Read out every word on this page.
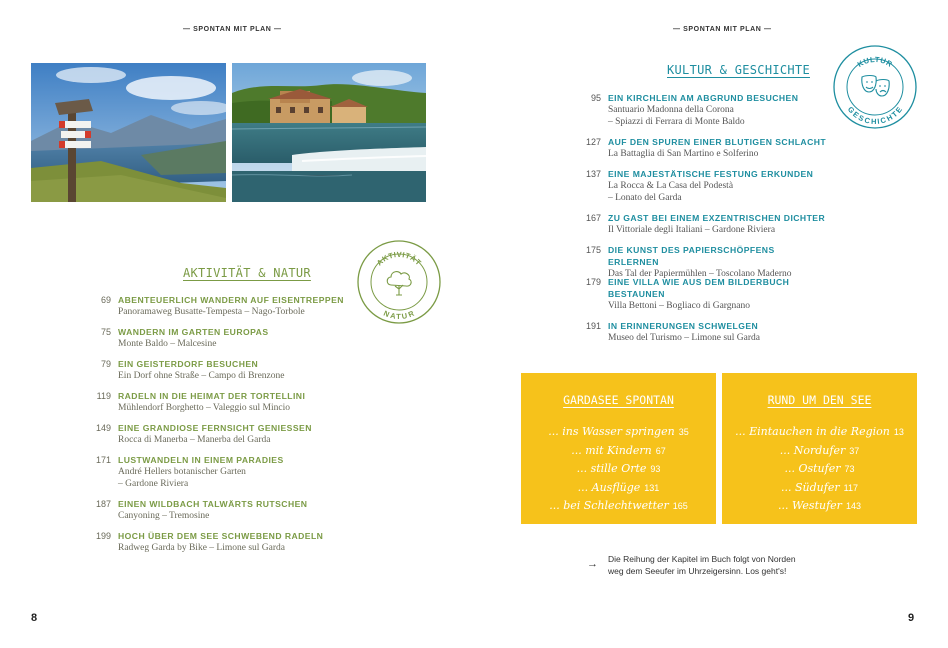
— SPONTAN MIT PLAN —
AKTIVITÄT
NATUR
AKTIVITÄT & NATUR
69 ABENTEUERLICH WANDERN AUF EISENTREPPEN
Panoramaweg Busatte-Tempesta – Nago-Torbole
75 WANDERN IM GARTEN EUROPAS
Monte Baldo – Malcesine
79 EIN GEISTERDORF BESUCHEN
Ein Dorf ohne Straße – Campo di Brenzone
119 RADELN IN DIE HEIMAT DER TORTELLINI
Mühlendorf Borghetto – Valeggio sul Mincio
149 EINE GRANDIOSE FERNSICHT GENIESSEN
Rocca di Manerba – Manerba del Garda
171 LUSTWANDELN IN EINEM PARADIES
André Hellers botanischer Garten
– Gardone Riviera
187 EINEN WILDBACH TALWÄRTS RUTSCHEN
Canyoning – Tremosine
199 HOCH ÜBER DEM SEE SCHWEBEND RADELN
Radweg Garda by Bike – Limone sul Garda
8
— SPONTAN MIT PLAN —
KULTUR & GESCHICHTE	KULTUR
GESCHICHTE
95 EIN KIRCHLEIN AM ABGRUND BESUCHEN
Santuario Madonna della Corona
– Spiazzi di Ferrara di Monte Baldo
127 AUF DEN SPUREN EINER BLUTIGEN SCHLACHT
La Battaglia di San Martino e Solferino
137 EINE MAJESTÄTISCHE FESTUNG ERKUNDEN
La Rocca & La Casa del Podestà
– Lonato del Garda
167 ZU GAST BEI EINEM EXZENTRISCHEN DICHTER
Il Vittoriale degli Italiani – Gardone Riviera
175 DIE KUNST DES PAPIERSCHÖPFENS ERLERNEN
Das Tal der Papiermühlen – Toscolano Maderno
179 EINE VILLA WIE AUS DEM BILDERBUCH BESTAUNEN
Villa Bettoni – Bogliaco di Gargnano
191 IN ERINNERUNGEN SCHWELGEN
Museo del Turismo – Limone sul Garda
GARDASEE SPONTAN
... ins Wasser springen 35
... mit Kindern 67
... stille Orte 93
... Ausflüge 131
... bei Schlechtwetter 165
RUND UM DEN SEE
... Eintauchen in die Region 13
... Nordufer 37
... Ostufer 73
... Südufer 117
... Westufer 143
→ Die Reihung der Kapitel im Buch folgt von Norden
weg dem Seeufer im Uhrzeigersinn. Los geht's!
9
